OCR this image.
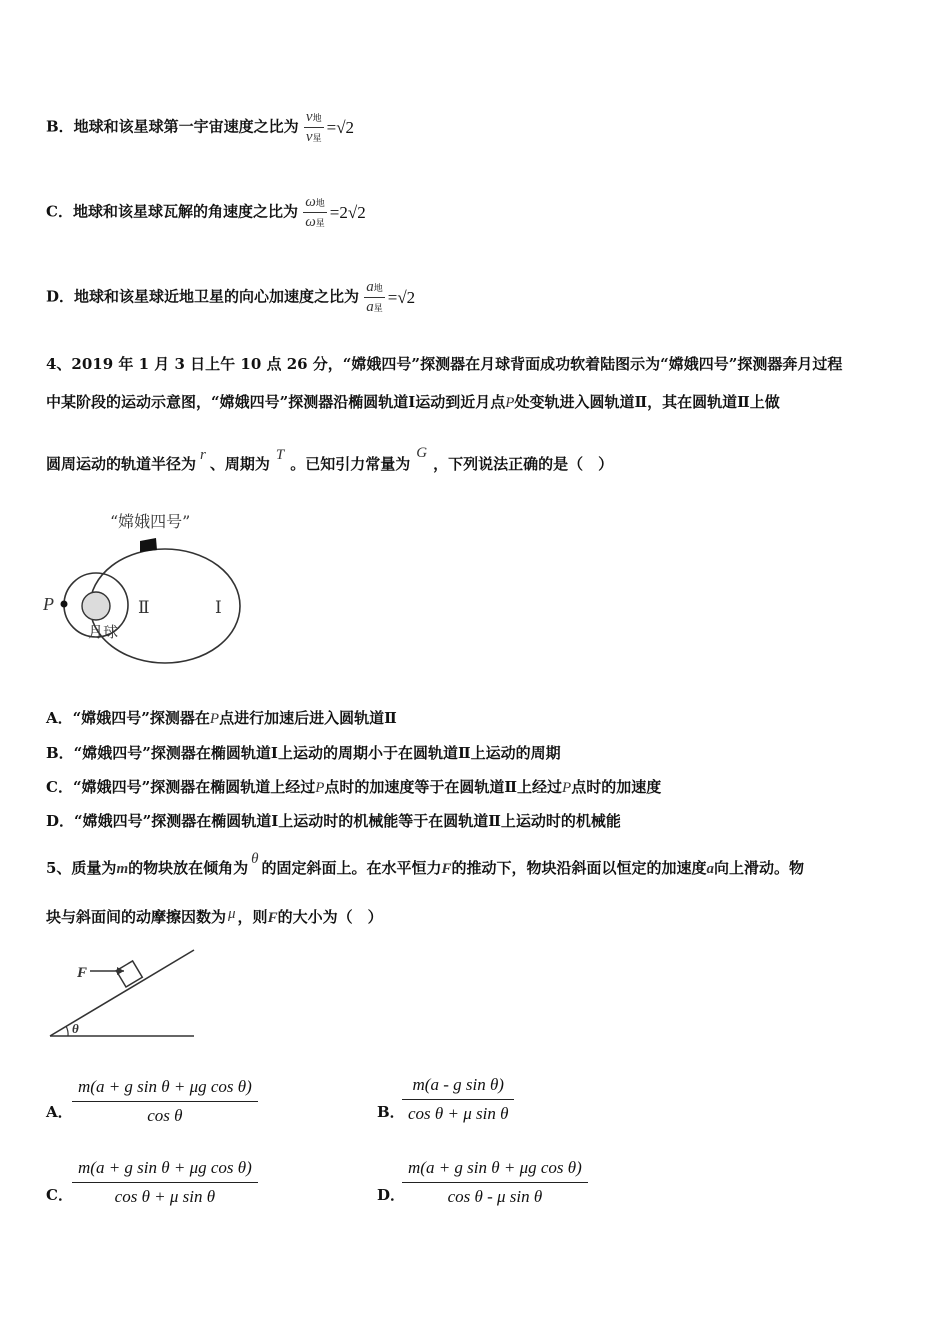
B．地球和该星球第一宇宙速度之比为 $\frac{\text{v地}}{\text{v星}} =√2$
C．地球和该星球瓦解的角速度之比为 $\frac{\text{ω地}}{\text{ω星}} =2√2$
D．地球和该星球近地卫星的向心加速度之比为 $\frac{\text{a地}}{\text{a星}} =√2$
4、2019 年 1 月 3 日上午 10 点 26 分，“嫦娥四号”探测器在月球背面成功软着陆图示为“嫦娥四号”探测器奔月过程
中某阶段的运动示意图，“嫦娥四号”探测器沿椭圆轨道Ⅰ运动到近月点P处变轨进入圆轨道Ⅱ，其在圆轨道Ⅱ上做
圆周运动的轨道半径为 r 、周期为 T 。已知引力常量为G，下列说法正确的是（　）
“嫦娥四号”
P	Ⅱ	Ⅰ
月球
A．“嫦娥四号”探测器在P点进行加速后进入圆轨道Ⅱ
B．“嫦娥四号”探测器在椭圆轨道Ⅰ上运动的周期小于在圆轨道Ⅱ上运动的周期
C．“嫦娥四号”探测器在椭圆轨道上经过P点时的加速度等于在圆轨道Ⅱ上经过P点时的加速度
D．“嫦娥四号”探测器在椭圆轨道Ⅰ上运动时的机械能等于在圆轨道Ⅱ上运动时的机械能
5、质量为m的物块放在倾角为 θ 的固定斜面上。在水平恒力F的推动下，物块沿斜面以恒定的加速度a向上滑动。物
块与斜面间的动摩擦因数为 μ ，则F的大小为（　）
F
θ
A． $\frac{\text{m(a + g sin θ + μg cos θ)}}{\text{cos θ}}$	B．
$\frac{\text{m(a - g sin θ)}}{\text{cos θ + μ sin θ}}$
C． $\frac{\text{m(a + g sin θ + μg cos θ)}}{\text{cos θ + μ sin θ}}$	D．
$\frac{\text{m(a + g sin θ + μg cos θ)}}{\text{cos θ - μ sin θ}}$
